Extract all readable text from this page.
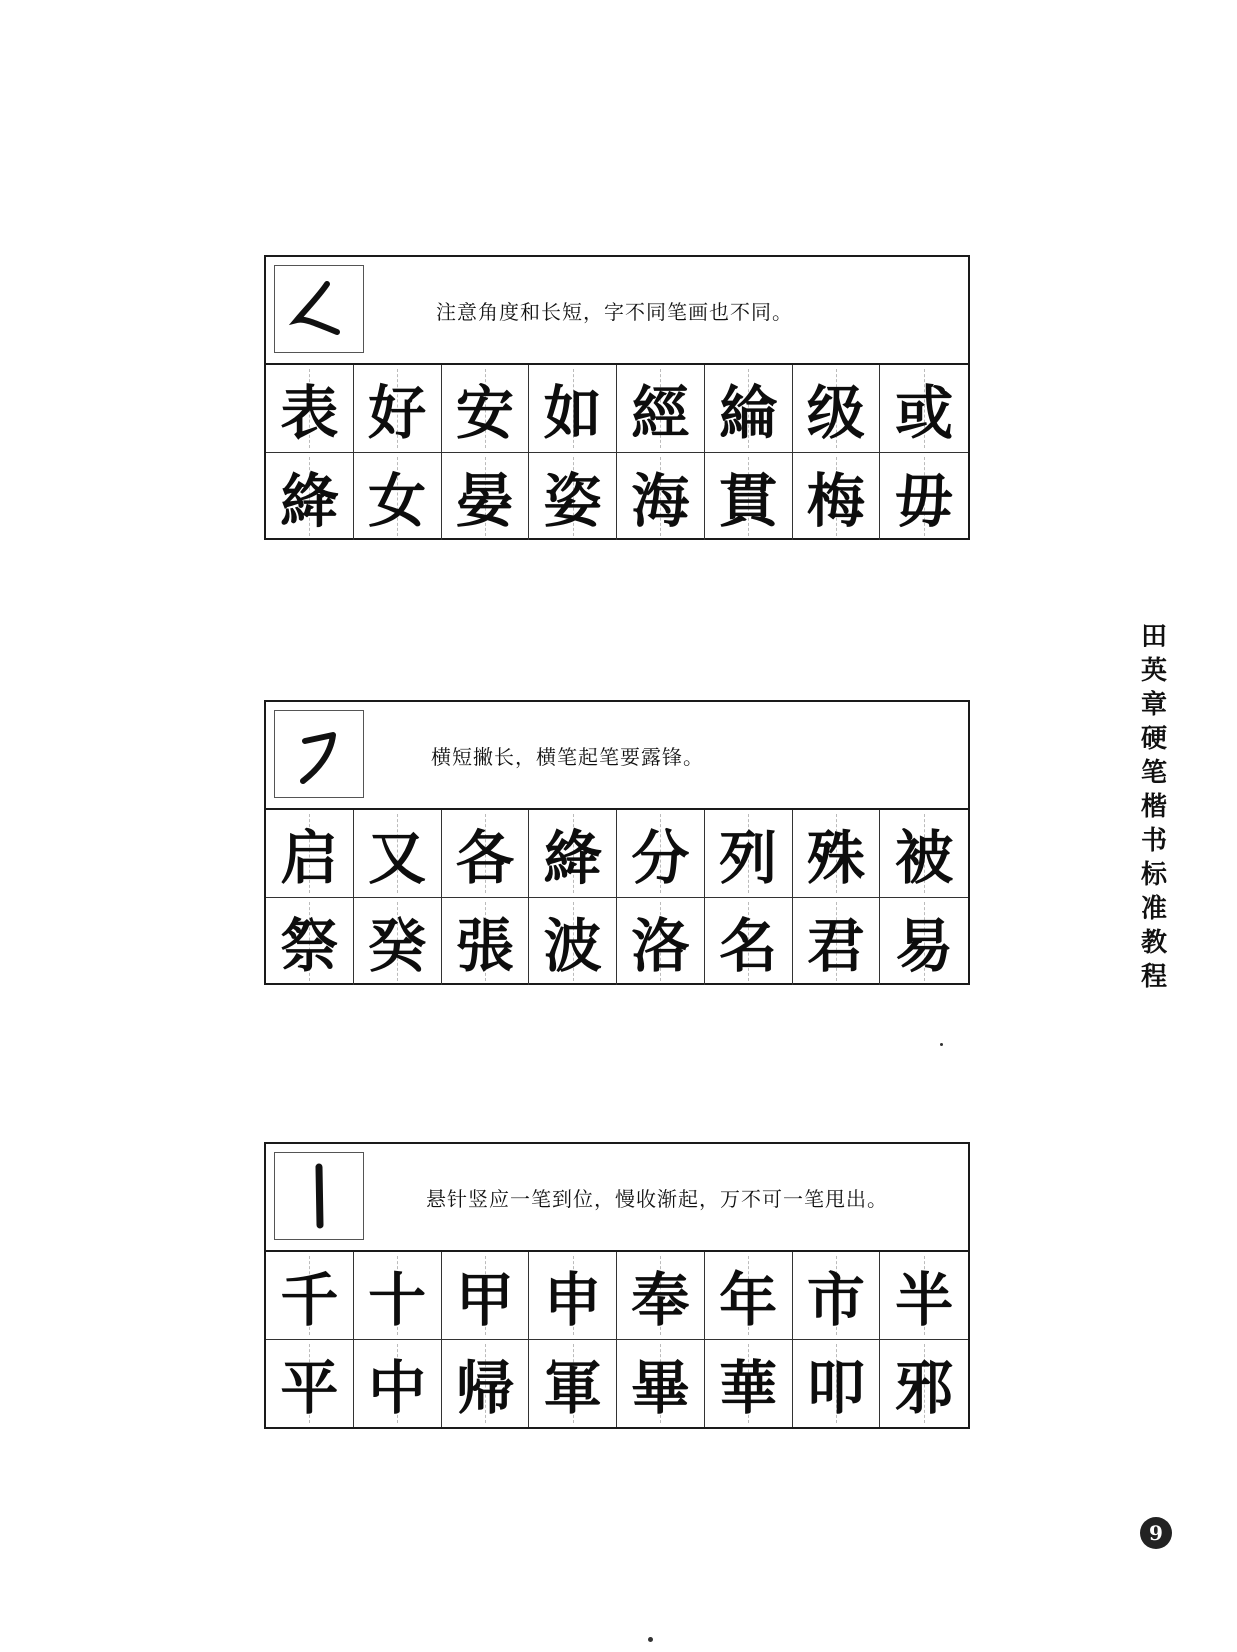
注意角度和长短，字不同笔画也不同。
表 好 安 如 經 綸 级 或
絳 女 晏 姿 海 貫 梅 毋
横短撇长，横笔起笔要露锋。
启 又 各 絳 分 列 殊 被
祭 癸 張 波 洛 名 君 易
悬针竖应一笔到位，慢收渐起，万不可一笔甩出。
千 十 甲 申 奉 年 市 半
平 中 帰 軍 畢 華 叩 邪
田
英
章
硬
笔
楷
书
标
准
教
程
9
